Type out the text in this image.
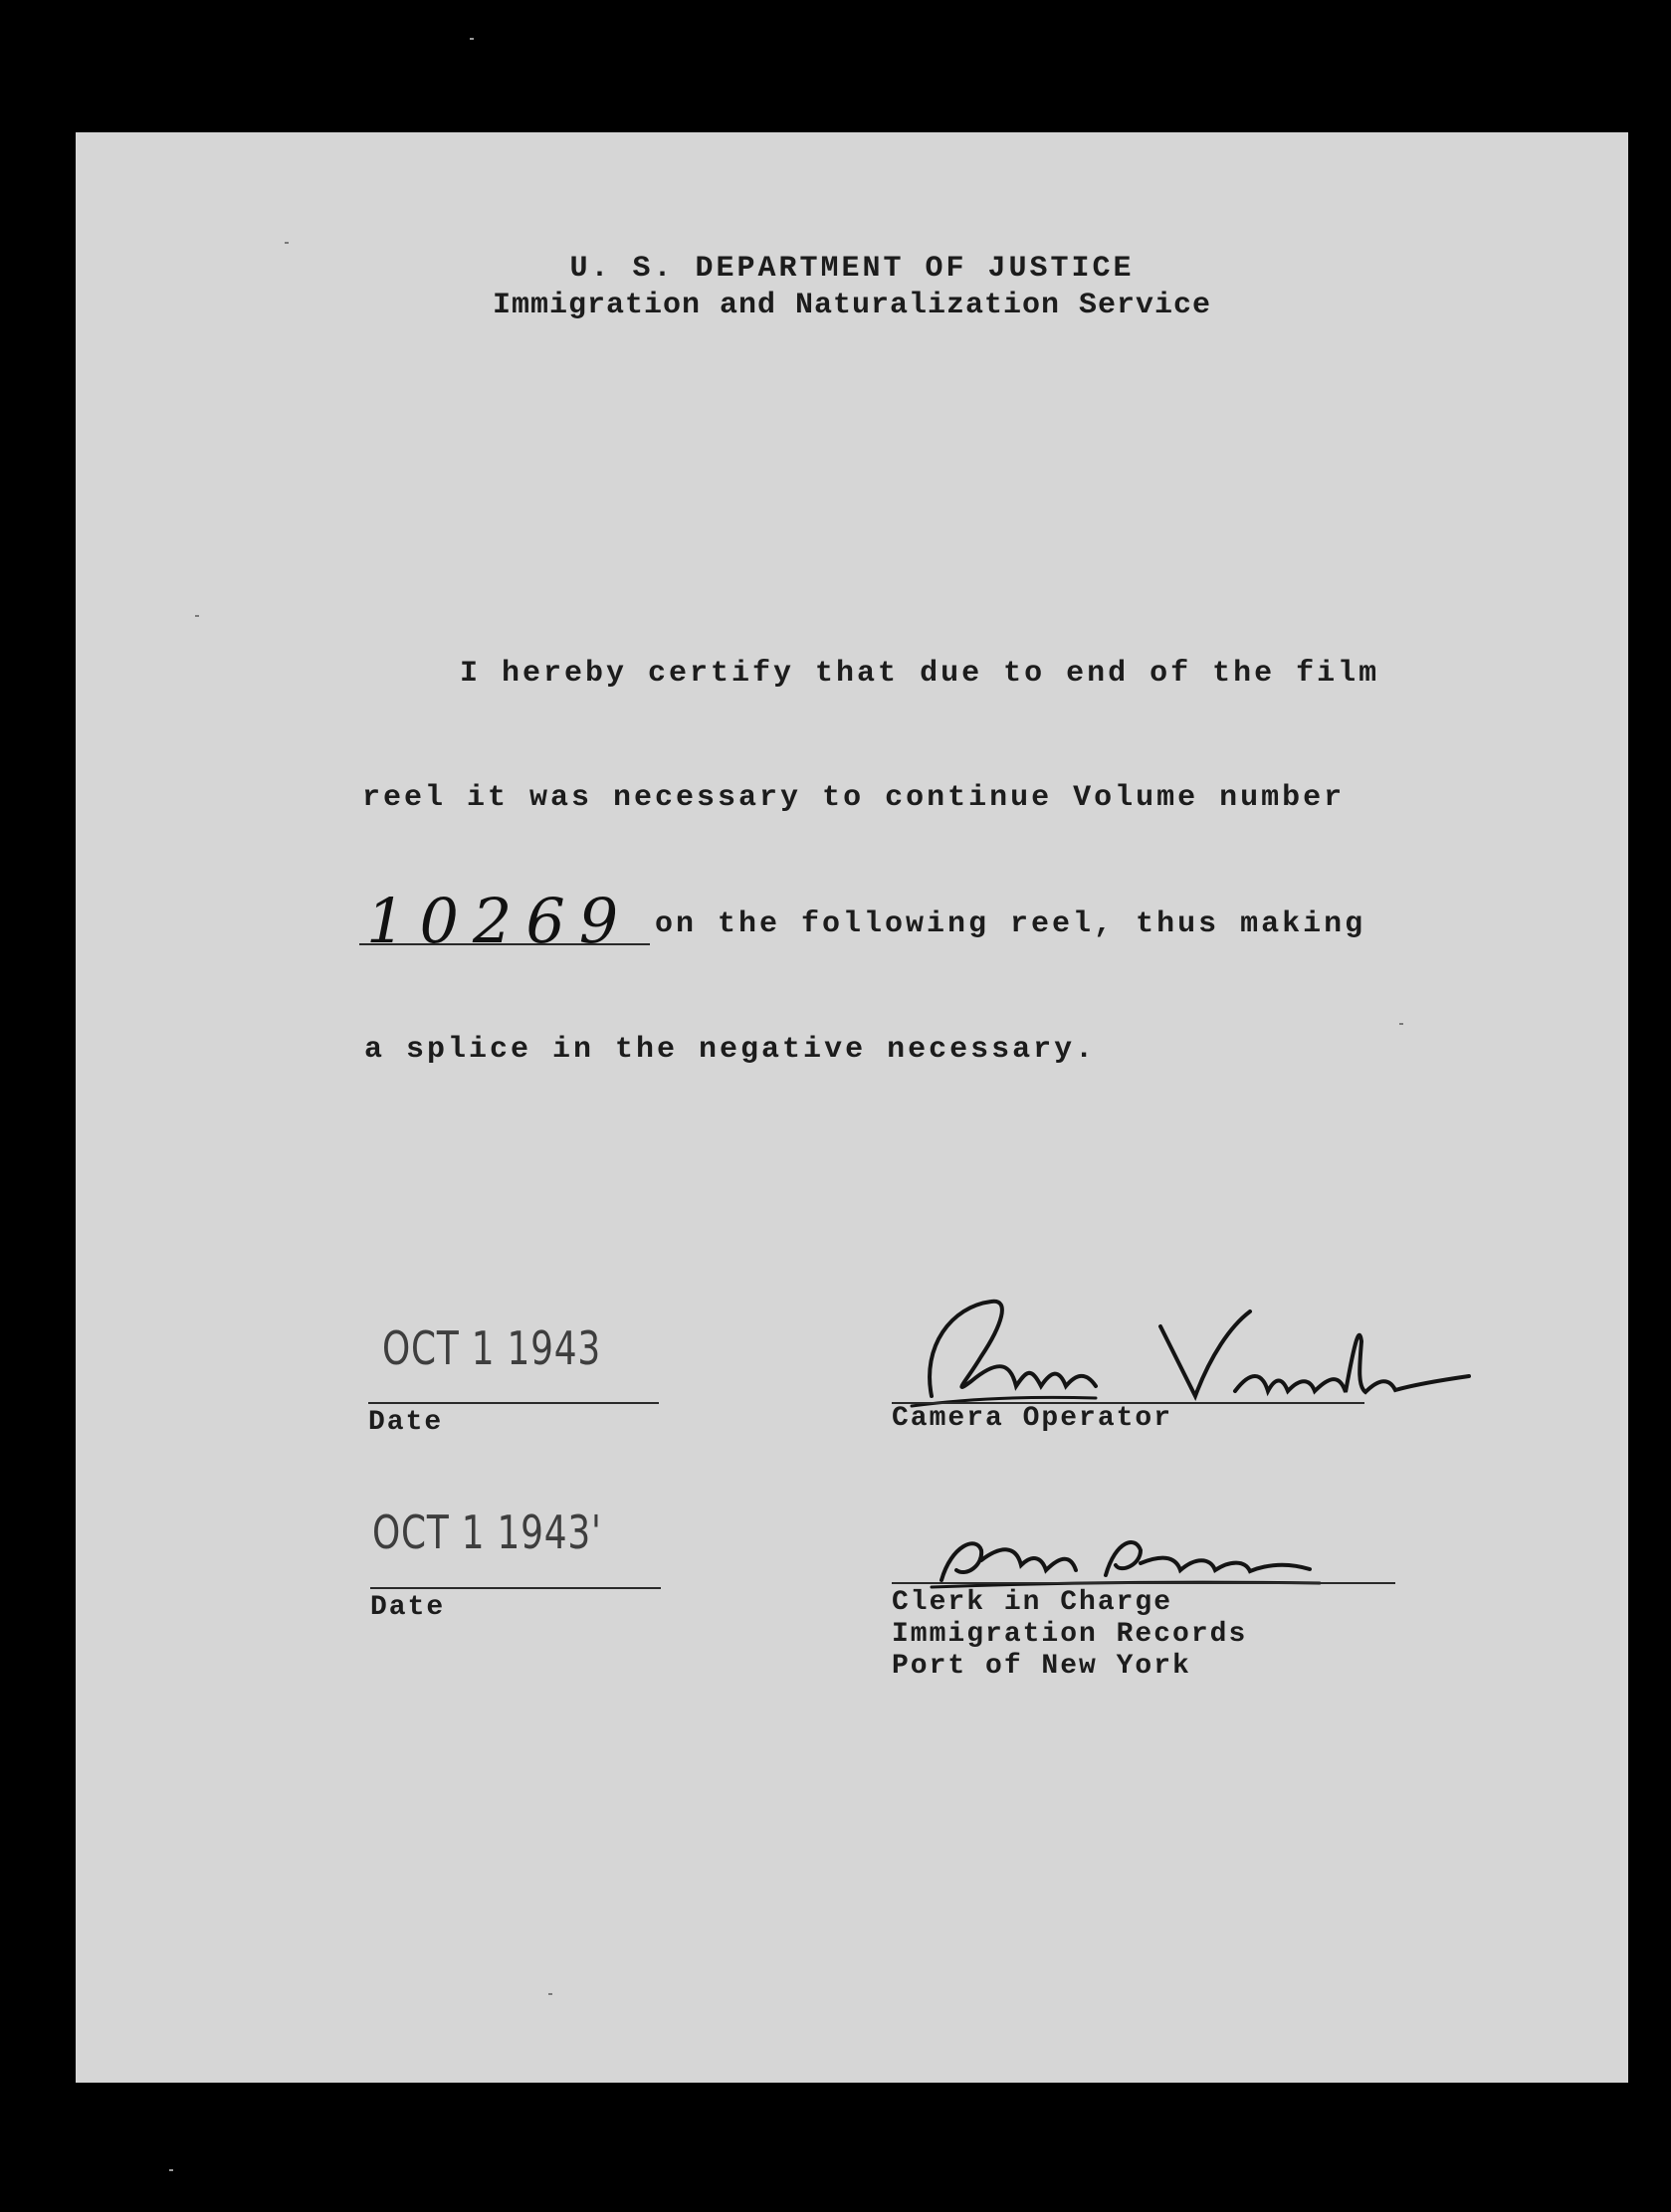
U. S. DEPARTMENT OF JUSTICE
Immigration and Naturalization Service
I hereby certify that due to end of the film
reel it was necessary to continue Volume number
10269 on the following reel, thus making
a splice in the negative necessary.
OCT 1 1943
Date	Camera Operator
OCT 1 1943'
Date	Clerk in Charge
Immigration Records
Port of New York
